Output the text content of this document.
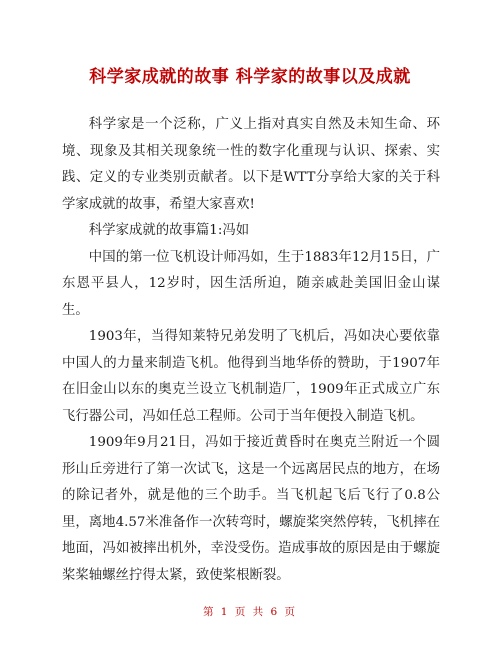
科学家成就的故事 科学家的故事以及成就

科学家是一个泛称，广义上指对真实自然及未知生命、环境、现象及其相关现象统一性的数字化重现与认识、探索、实践、定义的专业类别贡献者。以下是WTT分享给大家的关于科学家成就的故事，希望大家喜欢!

科学家成就的故事篇1:冯如

中国的第一位飞机设计师冯如，生于1883年12月15日，广东恩平县人，12岁时，因生活所迫，随亲戚赴美国旧金山谋生。

1903年，当得知莱特兄弟发明了飞机后，冯如决心要依靠中国人的力量来制造飞机。他得到当地华侨的赞助，于1907年在旧金山以东的奥克兰设立飞机制造厂，1909年正式成立广东飞行器公司，冯如任总工程师。公司于当年便投入制造飞机。

1909年9月21日，冯如于接近黄昏时在奥克兰附近一个圆形山丘旁进行了第一次试飞，这是一个远离居民点的地方，在场的除记者外，就是他的三个助手。当飞机起飞后飞行了0.8公里，离地4.57米准备作一次转弯时，螺旋桨突然停转，飞机摔在地面，冯如被摔出机外，幸没受伤。造成事故的原因是由于螺旋桨桨轴螺丝拧得太紧，致使桨根断裂。

第 1 页 共 6 页
